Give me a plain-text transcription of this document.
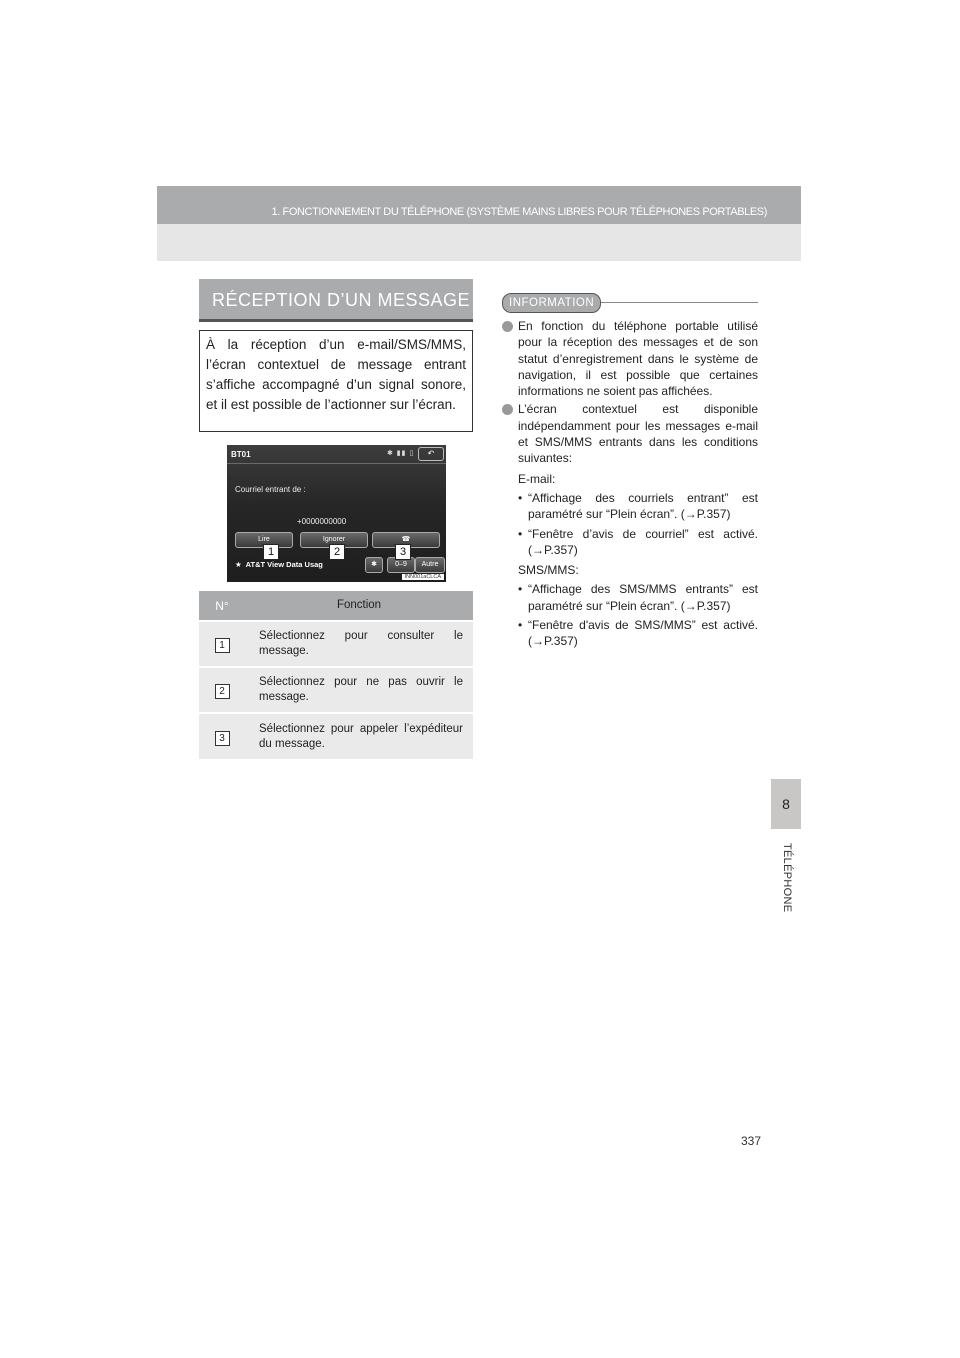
1. FONCTIONNEMENT DU TÉLÉPHONE (SYSTÈME MAINS LIBRES POUR TÉLÉPHONES PORTABLES)
8
TÉLÉPHONE
RÉCEPTION D’UN MESSAGE
À la réception d’un e-mail/SMS/MMS, l’écran contextuel de message entrant s’affiche accompagné d’un signal sonore, et il est possible de l’actionner sur l’écran.
BT01	✱ ▮▮ ▯	↶
Courriel entrant de :
+0000000000
Lire	Ignorer	☎
★  AT&T View Data Usag	✱	0–9	Autre
INN001aCLCA
1	2	3
N°	Fonction
1	Sélectionnez pour consulter le message.
2	Sélectionnez pour ne pas ouvrir le message.
3	Sélectionnez pour appeler l’expéditeur du message.
INFORMATION
En fonction du téléphone portable utilisé pour la réception des messages et de son statut d’enregistrement dans le système de navigation, il est possible que certaines informations ne soient pas affichées.
L’écran contextuel est disponible indépendamment pour les messages e-mail et SMS/MMS entrants dans les conditions suivantes:
E-mail:
• “Affichage des courriels entrant” est paramétré sur “Plein écran”. (→P.357)
• “Fenêtre d’avis de courriel” est activé. (→P.357)
SMS/MMS:
• “Affichage des SMS/MMS entrants” est paramétré sur “Plein écran”. (→P.357)
• “Fenêtre d'avis de SMS/MMS” est activé. (→P.357)
337
